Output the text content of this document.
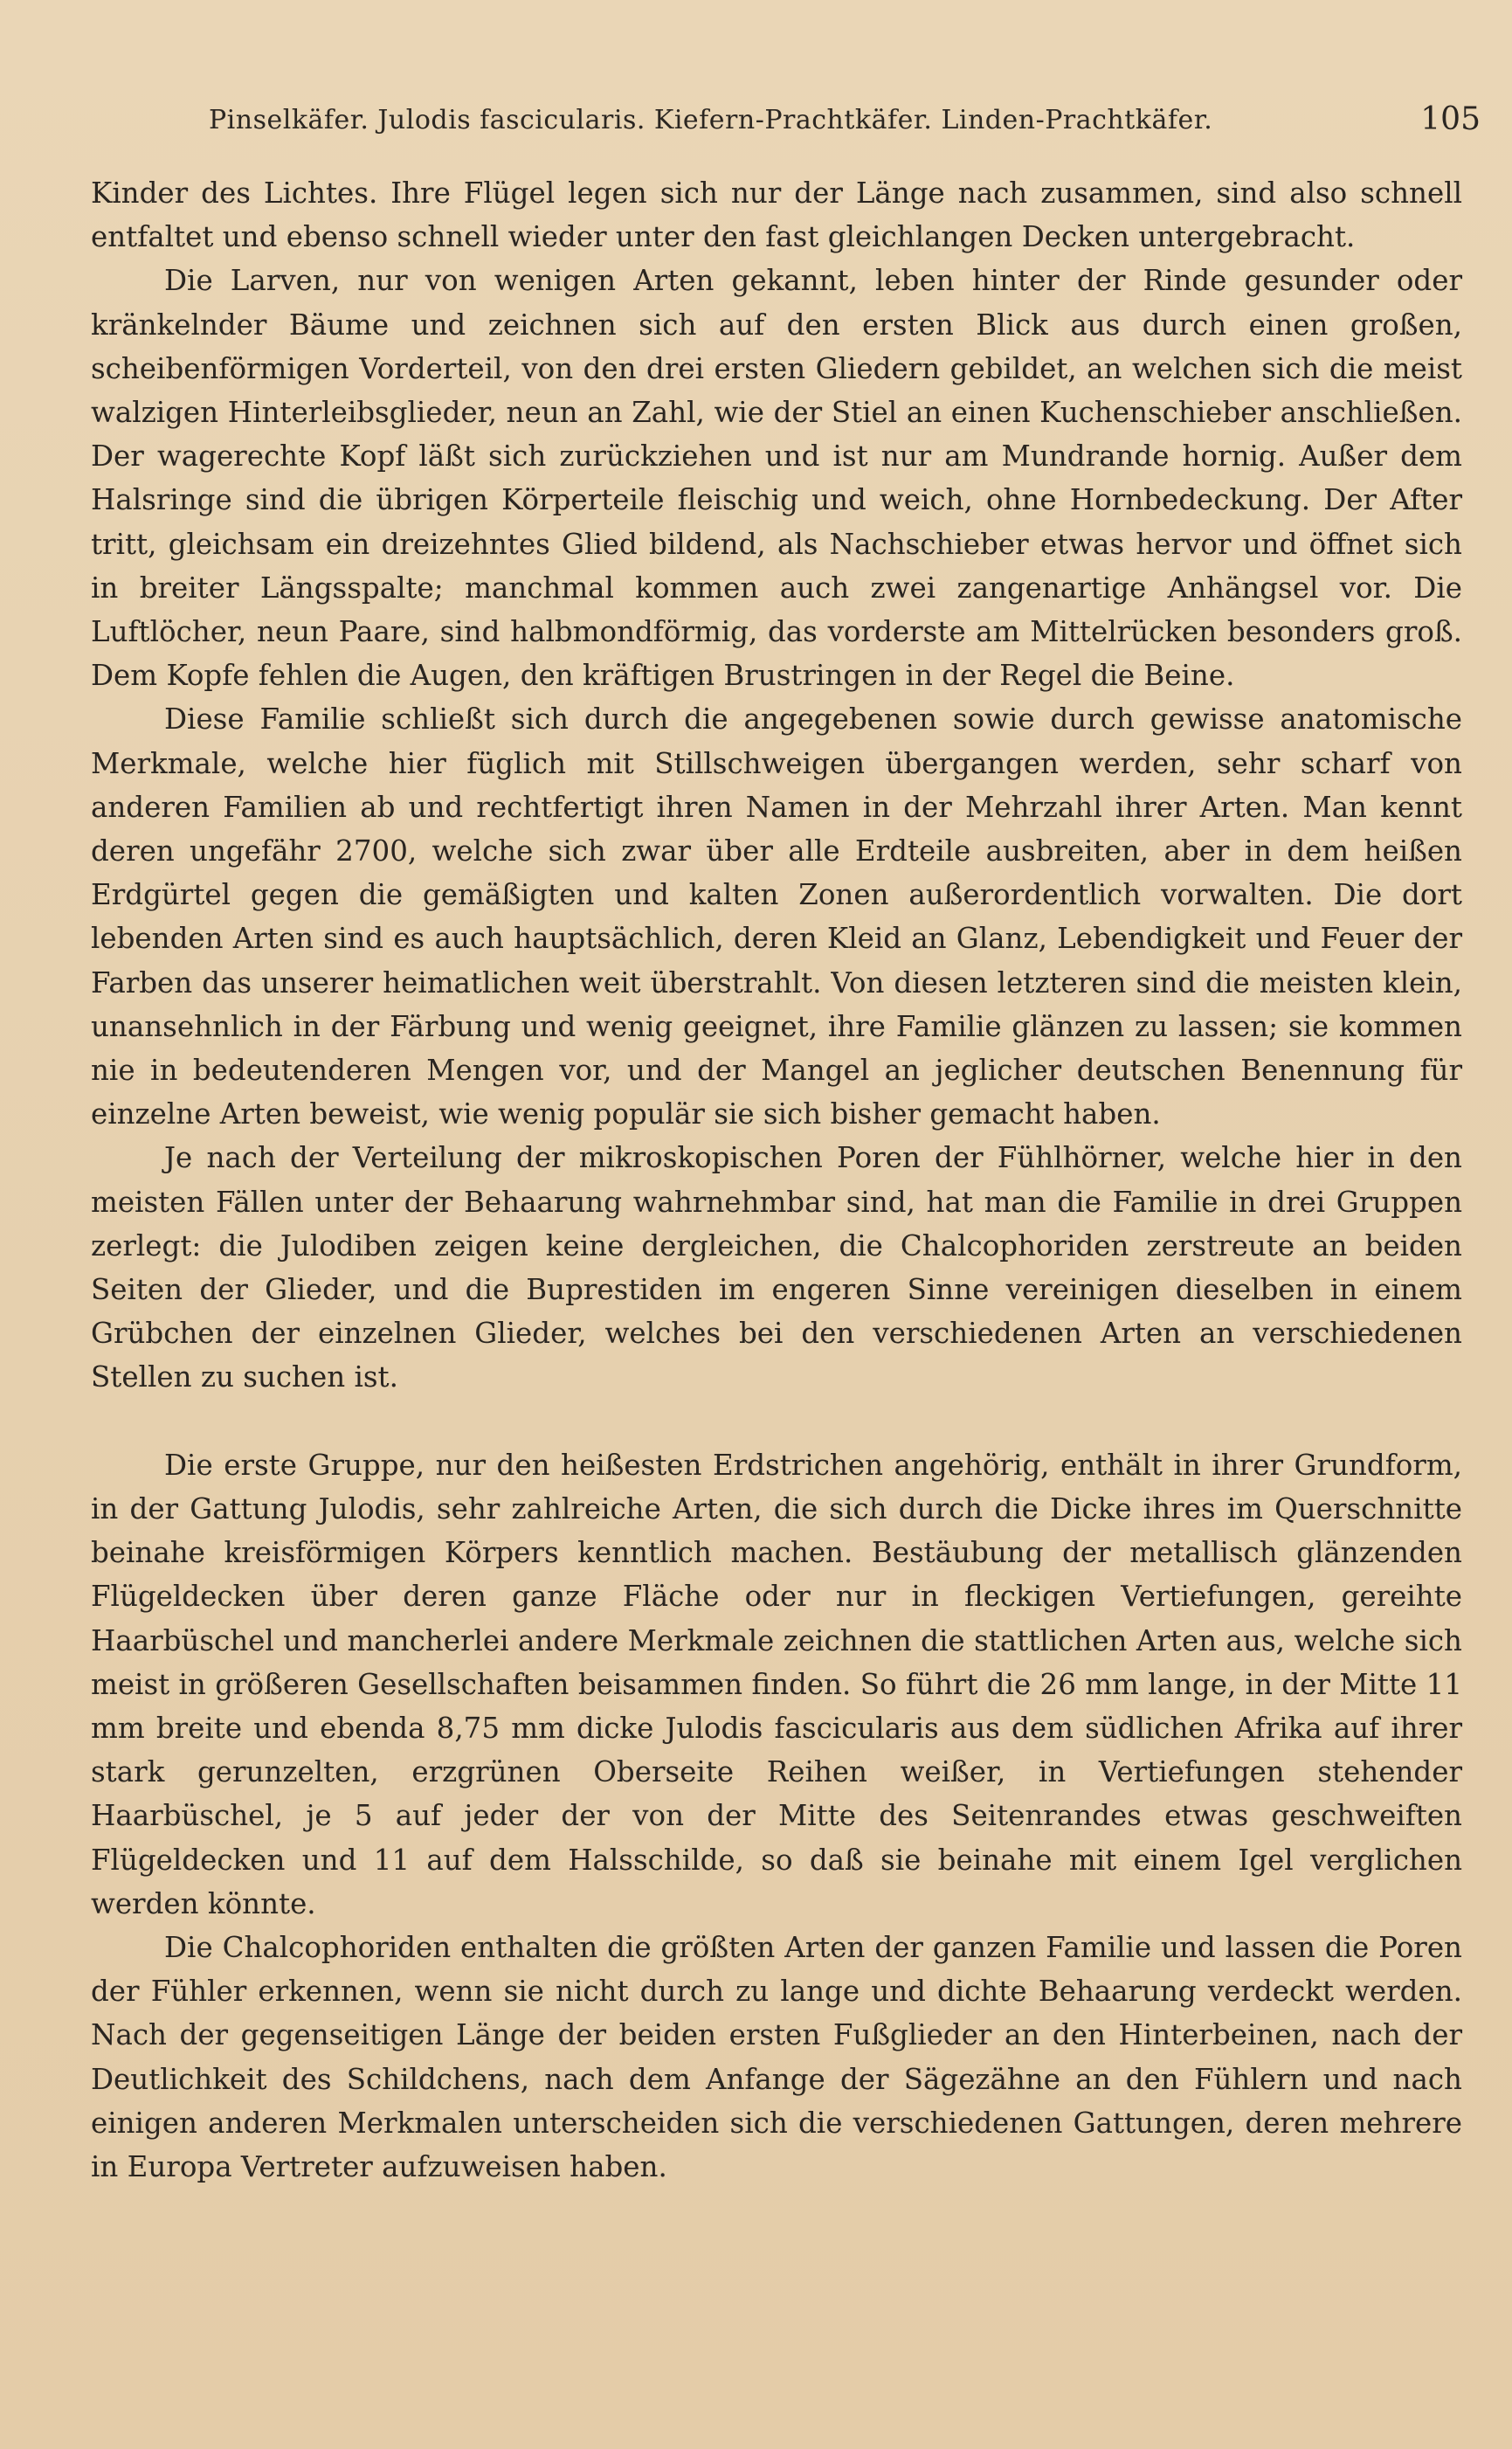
Pinselkäfer. Julodis fascicularis. Kiefern-Prachtkäfer. Linden-Prachtkäfer.	105

Kinder des Lichtes. Ihre Flügel legen sich nur der Länge nach zusammen, sind also schnell entfaltet und ebenso schnell wieder unter den fast gleichlangen Decken untergebracht.

Die Larven, nur von wenigen Arten gekannt, leben hinter der Rinde gesunder oder kränkelnder Bäume und zeichnen sich auf den ersten Blick aus durch einen großen, scheibenförmigen Vorderteil, von den drei ersten Gliedern gebildet, an welchen sich die meist walzigen Hinterleibsglieder, neun an Zahl, wie der Stiel an einen Kuchenschieber anschließen. Der wagerechte Kopf läßt sich zurückziehen und ist nur am Mundrande hornig. Außer dem Halsringe sind die übrigen Körperteile fleischig und weich, ohne Hornbedeckung. Der After tritt, gleichsam ein dreizehntes Glied bildend, als Nachschieber etwas hervor und öffnet sich in breiter Längsspalte; manchmal kommen auch zwei zangenartige Anhängsel vor. Die Luftlöcher, neun Paare, sind halbmondförmig, das vorderste am Mittelrücken besonders groß. Dem Kopfe fehlen die Augen, den kräftigen Brustringen in der Regel die Beine.

Diese Familie schließt sich durch die angegebenen sowie durch gewisse anatomische Merkmale, welche hier füglich mit Stillschweigen übergangen werden, sehr scharf von anderen Familien ab und rechtfertigt ihren Namen in der Mehrzahl ihrer Arten. Man kennt deren ungefähr 2700, welche sich zwar über alle Erdteile ausbreiten, aber in dem heißen Erdgürtel gegen die gemäßigten und kalten Zonen außerordentlich vorwalten. Die dort lebenden Arten sind es auch hauptsächlich, deren Kleid an Glanz, Lebendigkeit und Feuer der Farben das unserer heimatlichen weit überstrahlt. Von diesen letzteren sind die meisten klein, unansehnlich in der Färbung und wenig geeignet, ihre Familie glänzen zu lassen; sie kommen nie in bedeutenderen Mengen vor, und der Mangel an jeglicher deutschen Benennung für einzelne Arten beweist, wie wenig populär sie sich bisher gemacht haben.

Je nach der Verteilung der mikroskopischen Poren der Fühlhörner, welche hier in den meisten Fällen unter der Behaarung wahrnehmbar sind, hat man die Familie in drei Gruppen zerlegt: die Julodiben zeigen keine dergleichen, die Chalcophoriden zerstreute an beiden Seiten der Glieder, und die Buprestiden im engeren Sinne vereinigen dieselben in einem Grübchen der einzelnen Glieder, welches bei den verschiedenen Arten an verschiedenen Stellen zu suchen ist.

Die erste Gruppe, nur den heißesten Erdstrichen angehörig, enthält in ihrer Grundform, in der Gattung Julodis, sehr zahlreiche Arten, die sich durch die Dicke ihres im Querschnitte beinahe kreisförmigen Körpers kenntlich machen. Bestäubung der metallisch glänzenden Flügeldecken über deren ganze Fläche oder nur in fleckigen Vertiefungen, gereihte Haarbüschel und mancherlei andere Merkmale zeichnen die stattlichen Arten aus, welche sich meist in größeren Gesellschaften beisammen finden. So führt die 26 mm lange, in der Mitte 11 mm breite und ebenda 8,75 mm dicke Julodis fascicularis aus dem südlichen Afrika auf ihrer stark gerunzelten, erzgrünen Oberseite Reihen weißer, in Vertiefungen stehender Haarbüschel, je 5 auf jeder der von der Mitte des Seitenrandes etwas geschweiften Flügeldecken und 11 auf dem Halsschilde, so daß sie beinahe mit einem Igel verglichen werden könnte.

Die Chalcophoriden enthalten die größten Arten der ganzen Familie und lassen die Poren der Fühler erkennen, wenn sie nicht durch zu lange und dichte Behaarung verdeckt werden. Nach der gegenseitigen Länge der beiden ersten Fußglieder an den Hinterbeinen, nach der Deutlichkeit des Schildchens, nach dem Anfange der Sägezähne an den Fühlern und nach einigen anderen Merkmalen unterscheiden sich die verschiedenen Gattungen, deren mehrere in Europa Vertreter aufzuweisen haben.
